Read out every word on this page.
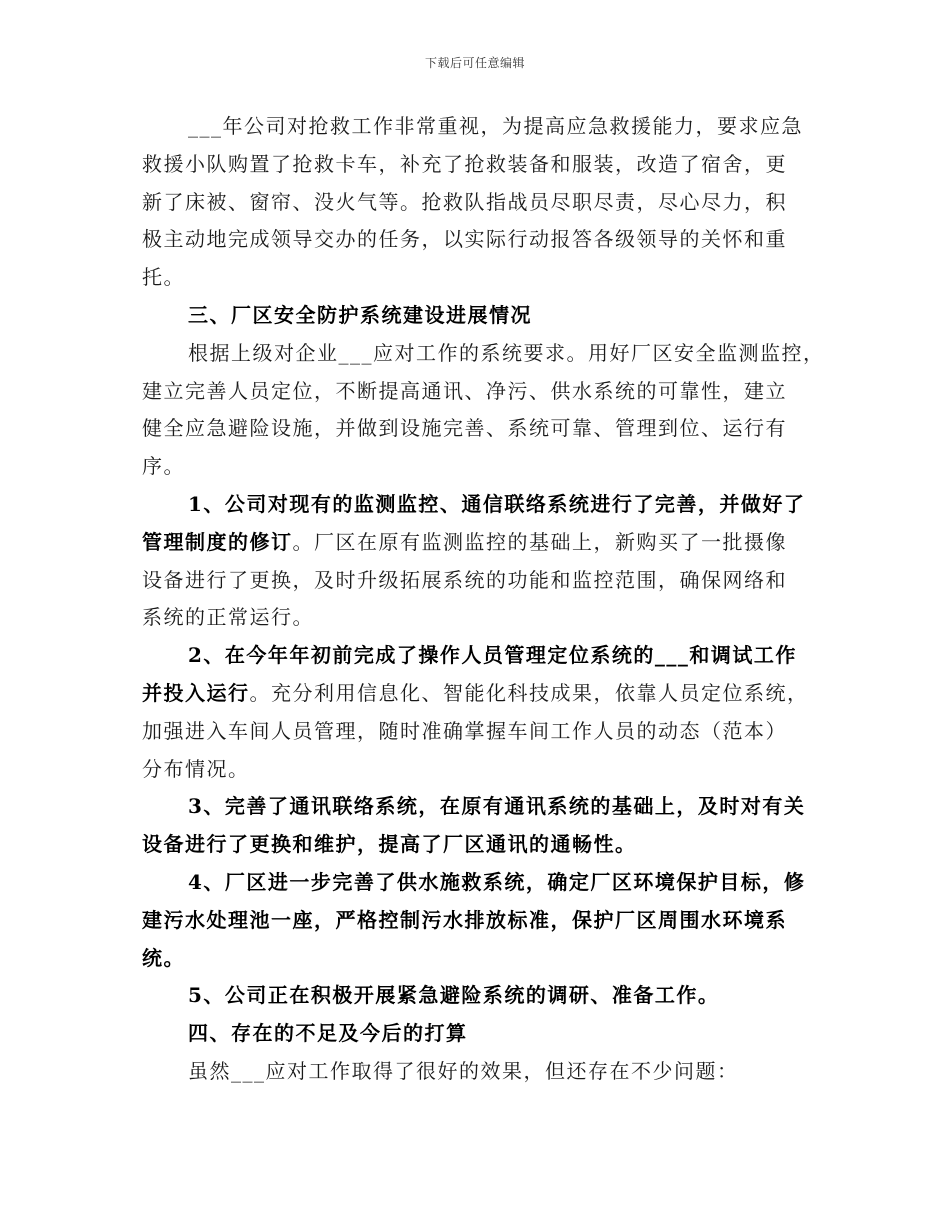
下载后可任意编辑
___年公司对抢救工作非常重视，为提高应急救援能力，要求应急
救援小队购置了抢救卡车，补充了抢救装备和服装，改造了宿舍，更
新了床被、窗帘、没火气等。抢救队指战员尽职尽责，尽心尽力，积
极主动地完成领导交办的任务，以实际行动报答各级领导的关怀和重
托。
三、厂区安全防护系统建设进展情况
根据上级对企业___应对工作的系统要求。用好厂区安全监测监控，
建立完善人员定位，不断提高通讯、净污、供水系统的可靠性，建立
健全应急避险设施，并做到设施完善、系统可靠、管理到位、运行有
序。
1、公司对现有的监测监控、通信联络系统进行了完善，并做好了
管理制度的修订。厂区在原有监测监控的基础上，新购买了一批摄像
设备进行了更换，及时升级拓展系统的功能和监控范围，确保网络和
系统的正常运行。
2、在今年年初前完成了操作人员管理定位系统的___和调试工作
并投入运行。充分利用信息化、智能化科技成果，依靠人员定位系统，
加强进入车间人员管理，随时准确掌握车间工作人员的动态（范本）
分布情况。
3、完善了通讯联络系统，在原有通讯系统的基础上，及时对有关
设备进行了更换和维护，提高了厂区通讯的通畅性。
4、厂区进一步完善了供水施救系统，确定厂区环境保护目标，修
建污水处理池一座，严格控制污水排放标准，保护厂区周围水环境系
统。
5、公司正在积极开展紧急避险系统的调研、准备工作。
四、存在的不足及今后的打算
虽然___应对工作取得了很好的效果，但还存在不少问题：
